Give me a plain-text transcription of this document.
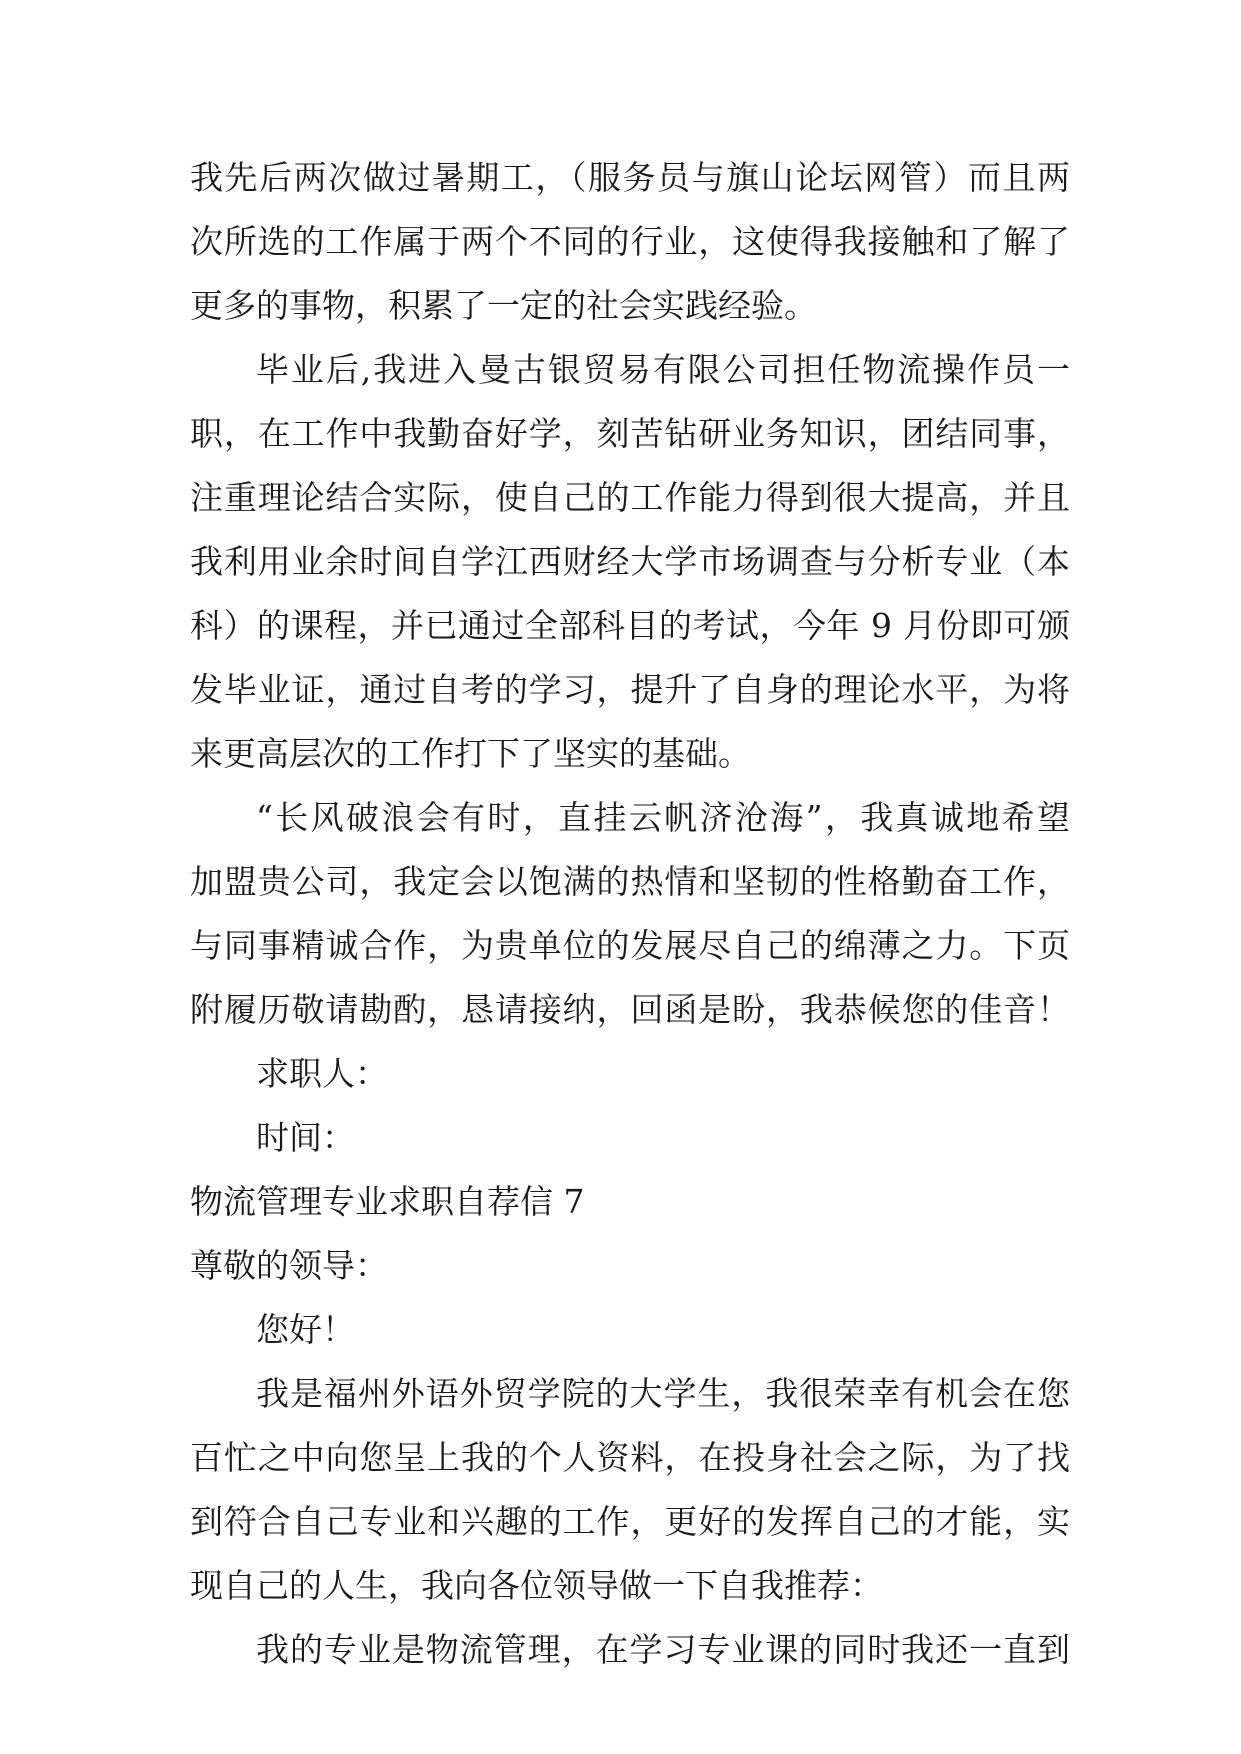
我先后两次做过暑期工，（服务员与旗山论坛网管）而且两
次所选的工作属于两个不同的行业，这使得我接触和了解了
更多的事物，积累了一定的社会实践经验。
毕业后,我进入曼古银贸易有限公司担任物流操作员一
职，在工作中我勤奋好学，刻苦钻研业务知识，团结同事，
注重理论结合实际，使自己的工作能力得到很大提高，并且
我利用业余时间自学江西财经大学市场调查与分析专业（本
科）的课程，并已通过全部科目的考试，今年 9 月份即可颁
发毕业证，通过自考的学习，提升了自身的理论水平，为将
来更高层次的工作打下了坚实的基础。
“长风破浪会有时，直挂云帆济沧海”，我真诚地希望
加盟贵公司，我定会以饱满的热情和坚韧的性格勤奋工作，
与同事精诚合作，为贵单位的发展尽自己的绵薄之力。下页
附履历敬请勘酌，恳请接纳，回函是盼，我恭候您的佳音！
求职人：
时间：
物流管理专业求职自荐信 7
尊敬的领导：
您好！
我是福州外语外贸学院的大学生，我很荣幸有机会在您
百忙之中向您呈上我的个人资料，在投身社会之际，为了找
到符合自己专业和兴趣的工作，更好的发挥自己的才能，实
现自己的人生，我向各位领导做一下自我推荐：
我的专业是物流管理，在学习专业课的同时我还一直到
